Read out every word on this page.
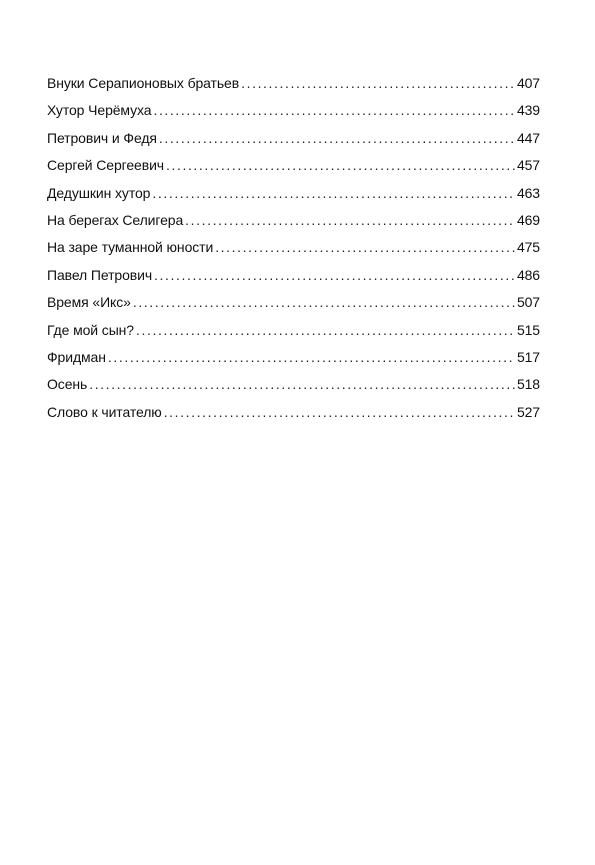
Внуки Серапионовых братьев .....	407
Хутор Черёмуха .....	439
Петрович и Федя .....	447
Сергей Сергеевич .....	457
Дедушкин хутор .....	463
На берегах Селигера .....	469
На заре туманной юности .....	475
Павел Петрович .....	486
Время «Икс» .....	507
Где мой сын? .....	515
Фридман .....	517
Осень .....	518
Слово к читателю .....	527
